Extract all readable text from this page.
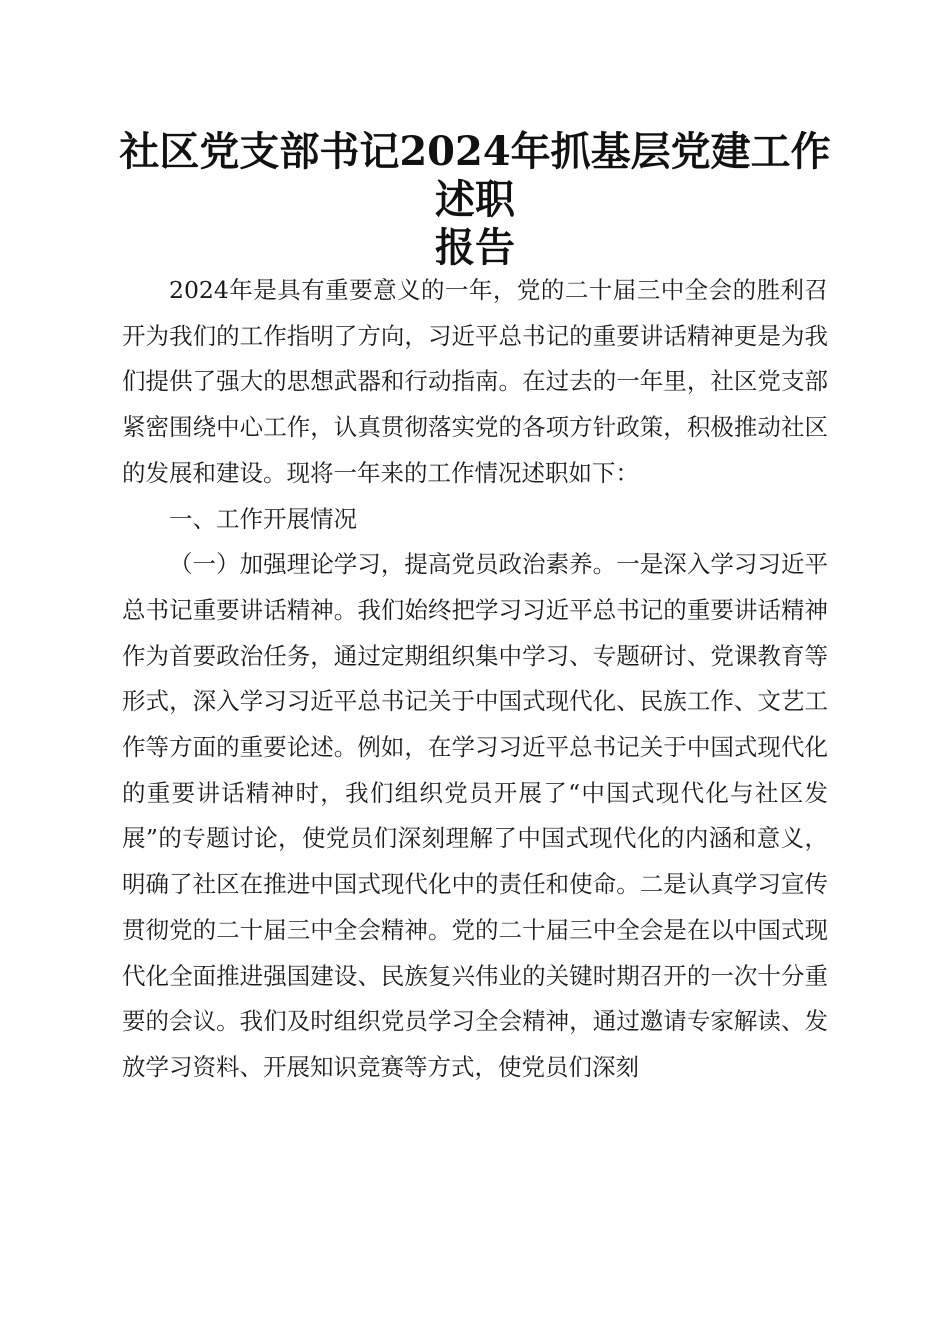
社区党支部书记2024年抓基层党建工作述职
报告

2024年是具有重要意义的一年，党的二十届三中全会的胜利召开为我们的工作指明了方向，习近平总书记的重要讲话精神更是为我们提供了强大的思想武器和行动指南。在过去的一年里，社区党支部紧密围绕中心工作，认真贯彻落实党的各项方针政策，积极推动社区的发展和建设。现将一年来的工作情况述职如下：

一、工作开展情况

（一）加强理论学习，提高党员政治素养。一是深入学习习近平总书记重要讲话精神。我们始终把学习习近平总书记的重要讲话精神作为首要政治任务，通过定期组织集中学习、专题研讨、党课教育等形式，深入学习习近平总书记关于中国式现代化、民族工作、文艺工作等方面的重要论述。例如，在学习习近平总书记关于中国式现代化的重要讲话精神时，我们组织党员开展了“中国式现代化与社区发展”的专题讨论，使党员们深刻理解了中国式现代化的内涵和意义，明确了社区在推进中国式现代化中的责任和使命。二是认真学习宣传贯彻党的二十届三中全会精神。党的二十届三中全会是在以中国式现代化全面推进强国建设、民族复兴伟业的关键时期召开的一次十分重要的会议。我们及时组织党员学习全会精神，通过邀请专家解读、发放学习资料、开展知识竞赛等方式，使党员们深刻
